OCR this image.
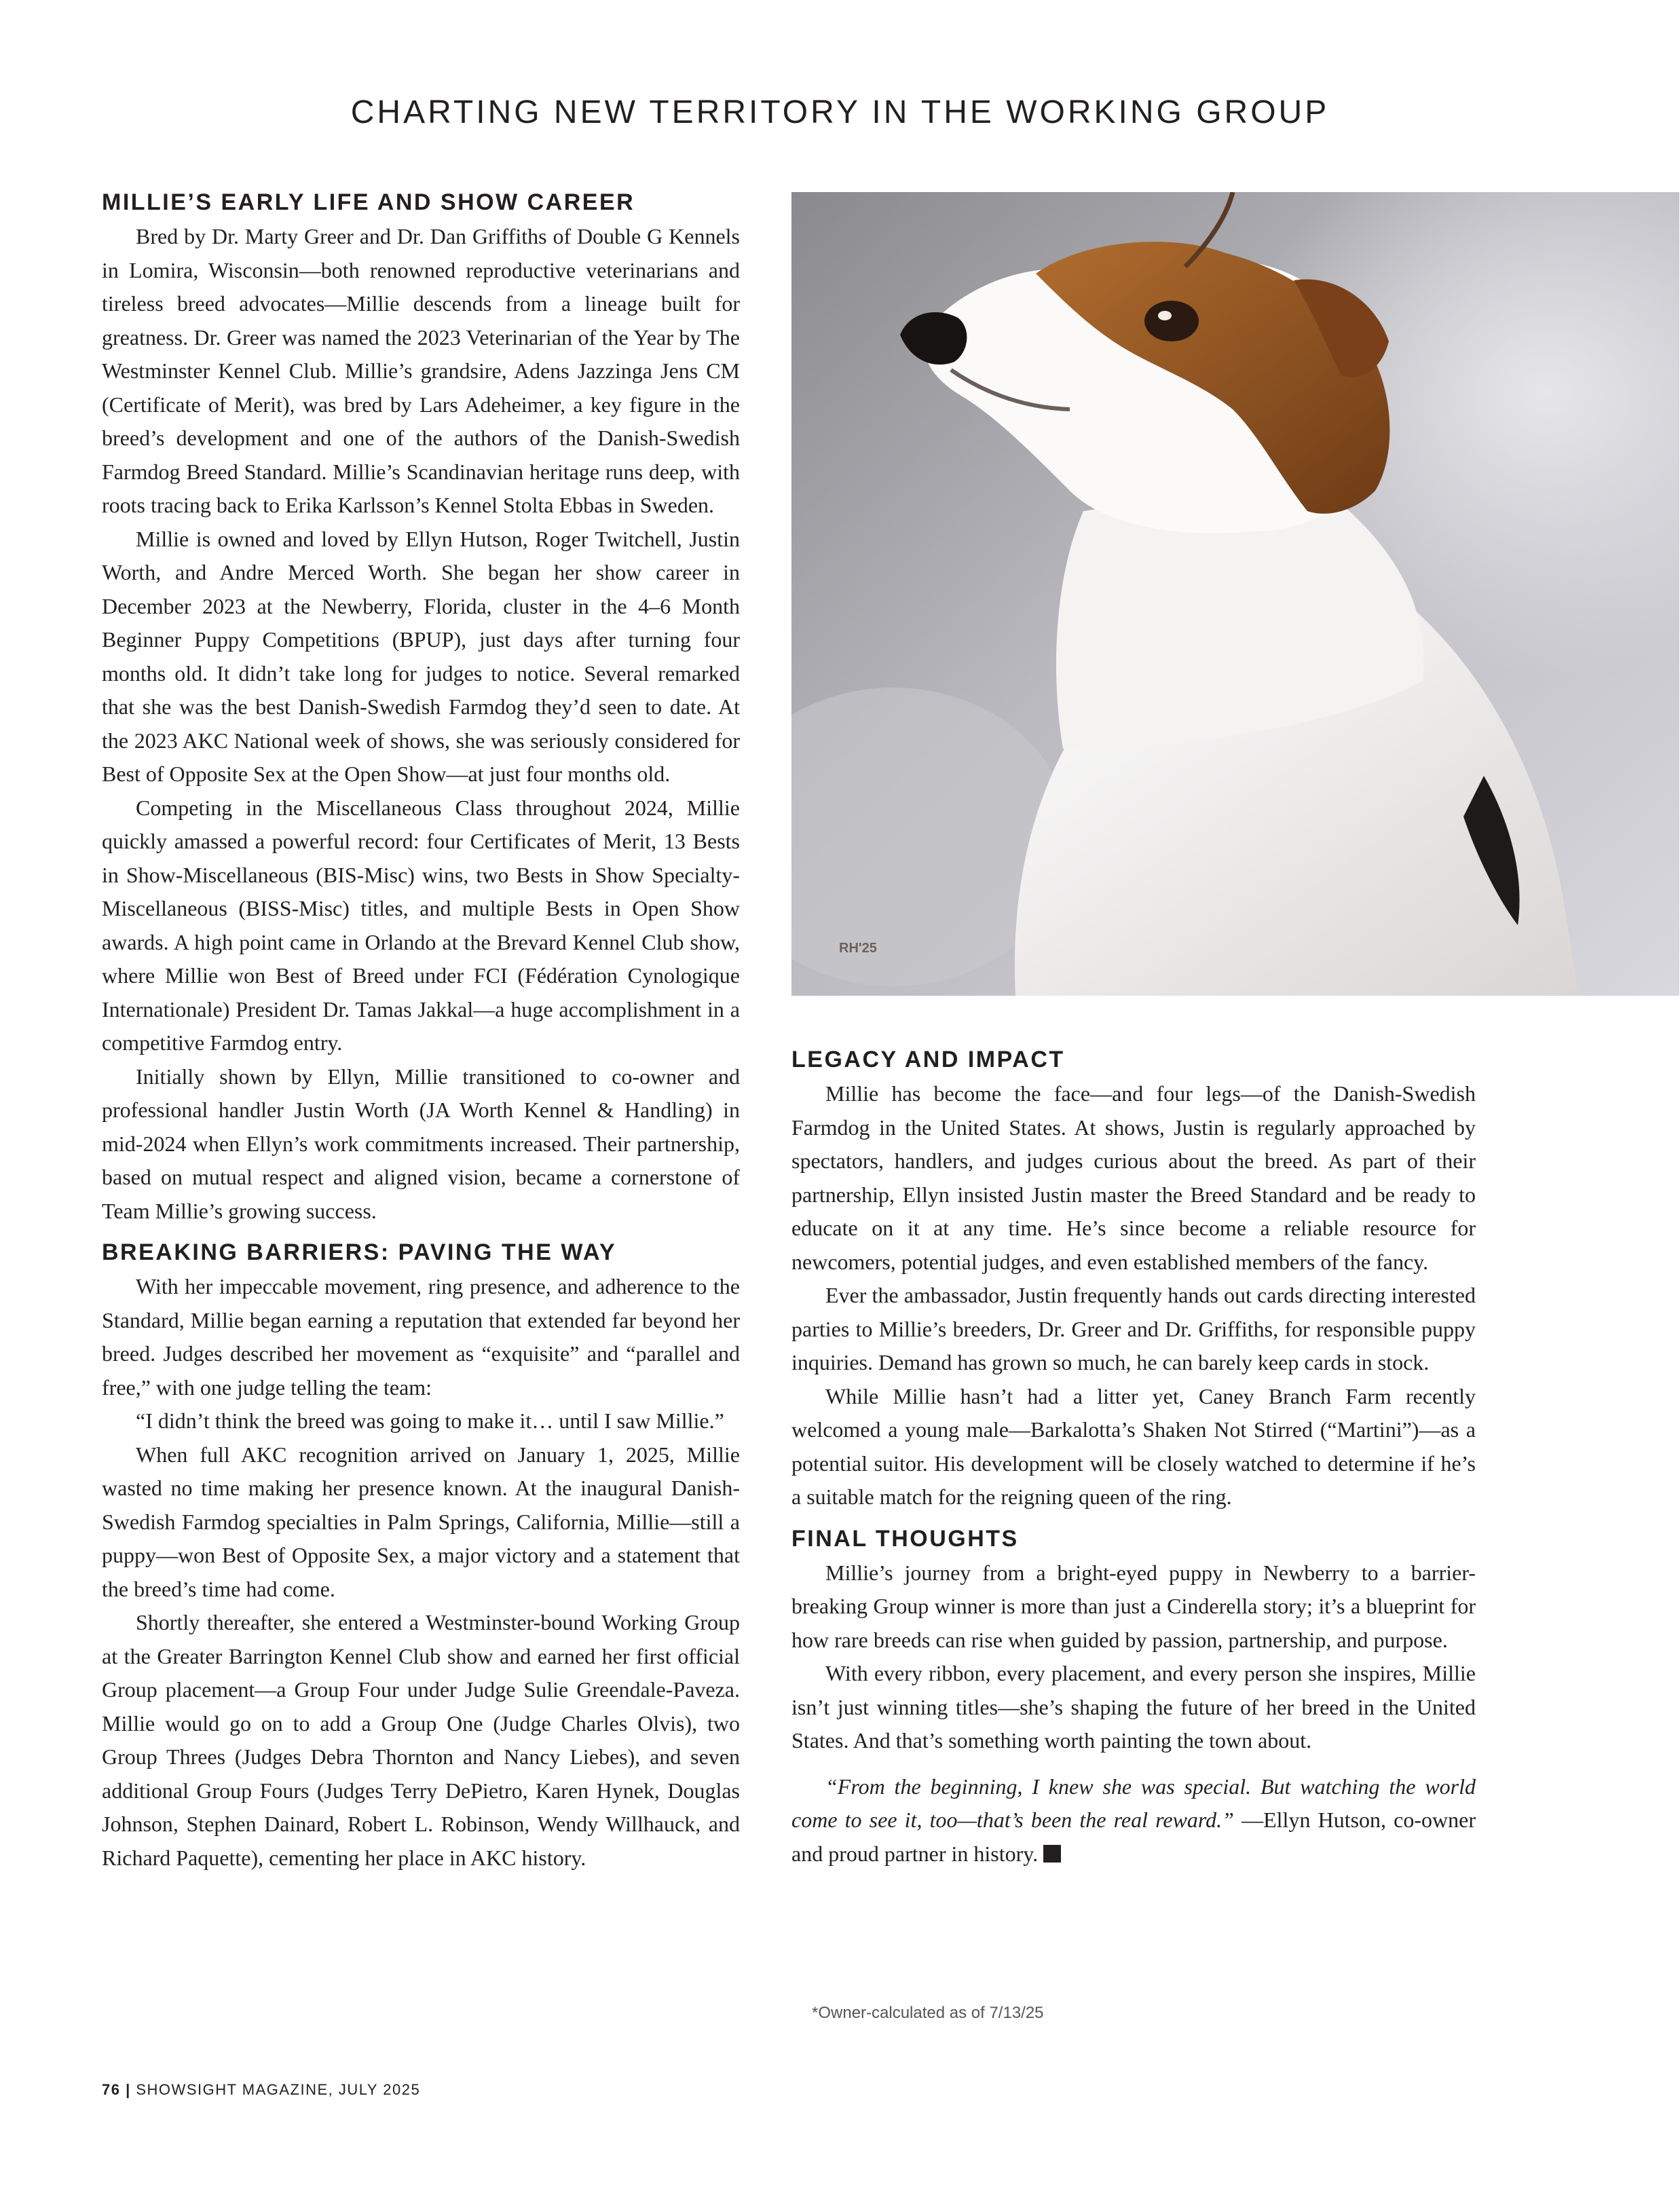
CHARTING NEW TERRITORY IN THE WORKING GROUP
MILLIE’S EARLY LIFE AND SHOW CAREER

Bred by Dr. Marty Greer and Dr. Dan Griffiths of Double G Kennels in Lomira, Wisconsin—both renowned reproductive veterinarians and tireless breed advocates—Millie descends from a lineage built for greatness. Dr. Greer was named the 2023 Veterinarian of the Year by The Westminster Kennel Club. Millie’s grandsire, Adens Jazzinga Jens CM (Certificate of Merit), was bred by Lars Adeheimer, a key figure in the breed’s development and one of the authors of the Danish-Swedish Farmdog Breed Standard. Millie’s Scandinavian heritage runs deep, with roots tracing back to Erika Karlsson’s Kennel Stolta Ebbas in Sweden.

Millie is owned and loved by Ellyn Hutson, Roger Twitchell, Justin Worth, and Andre Merced Worth. She began her show career in December 2023 at the Newberry, Florida, cluster in the 4–6 Month Beginner Puppy Competitions (BPUP), just days after turning four months old. It didn’t take long for judges to notice. Several remarked that she was the best Danish-Swedish Farmdog they’d seen to date. At the 2023 AKC National week of shows, she was seriously considered for Best of Opposite Sex at the Open Show—at just four months old.

Competing in the Miscellaneous Class throughout 2024, Millie quickly amassed a powerful record: four Certificates of Merit, 13 Bests in Show-Miscellaneous (BIS-Misc) wins, two Bests in Show Specialty-Miscellaneous (BISS-Misc) titles, and multiple Bests in Open Show awards. A high point came in Orlando at the Brevard Kennel Club show, where Millie won Best of Breed under FCI (Fédération Cynologique Internationale) President Dr. Tamas Jakkal—a huge accomplishment in a competitive Farmdog entry.

Initially shown by Ellyn, Millie transitioned to co-owner and professional handler Justin Worth (JA Worth Kennel & Handling) in mid-2024 when Ellyn’s work commitments increased. Their partnership, based on mutual respect and aligned vision, became a cornerstone of Team Millie’s growing success.

BREAKING BARRIERS: PAVING THE WAY

With her impeccable movement, ring presence, and adherence to the Standard, Millie began earning a reputation that extended far beyond her breed. Judges described her movement as “exquisite” and “parallel and free,” with one judge telling the team:

“I didn’t think the breed was going to make it… until I saw Millie.”

When full AKC recognition arrived on January 1, 2025, Millie wasted no time making her presence known. At the inaugural Danish-Swedish Farmdog specialties in Palm Springs, California, Millie—still a puppy—won Best of Opposite Sex, a major victory and a statement that the breed’s time had come.

Shortly thereafter, she entered a Westminster-bound Working Group at the Greater Barrington Kennel Club show and earned her first official Group placement—a Group Four under Judge Sulie Greendale-Paveza. Millie would go on to add a Group One (Judge Charles Olvis), two Group Threes (Judges Debra Thornton and Nancy Liebes), and seven additional Group Fours (Judges Terry DePietro, Karen Hynek, Douglas Johnson, Stephen Dainard, Robert L. Robinson, Wendy Willhauck, and Richard Paquette), cementing her place in AKC history.

RH'25
LEGACY AND IMPACT

Millie has become the face—and four legs—of the Danish-Swedish Farmdog in the United States. At shows, Justin is regularly approached by spectators, handlers, and judges curious about the breed. As part of their partnership, Ellyn insisted Justin master the Breed Standard and be ready to educate on it at any time. He’s since become a reliable resource for newcomers, potential judges, and even established members of the fancy.

Ever the ambassador, Justin frequently hands out cards directing interested parties to Millie’s breeders, Dr. Greer and Dr. Griffiths, for responsible puppy inquiries. Demand has grown so much, he can barely keep cards in stock.

While Millie hasn’t had a litter yet, Caney Branch Farm recently welcomed a young male—Barkalotta’s Shaken Not Stirred (“Martini”)—as a potential suitor. His development will be closely watched to determine if he’s a suitable match for the reigning queen of the ring.

FINAL THOUGHTS

Millie’s journey from a bright-eyed puppy in Newberry to a barrier-breaking Group winner is more than just a Cinderella story; it’s a blueprint for how rare breeds can rise when guided by passion, partnership, and purpose.

With every ribbon, every placement, and every person she inspires, Millie isn’t just winning titles—she’s shaping the future of her breed in the United States. And that’s something worth painting the town about.

“From the beginning, I knew she was special. But watching the world come to see it, too—that’s been the real reward.” —Ellyn Hutson, co-owner and proud partner in history.

*Owner-calculated as of 7/13/25
76 | SHOWSIGHT MAGAZINE, JULY 2025
